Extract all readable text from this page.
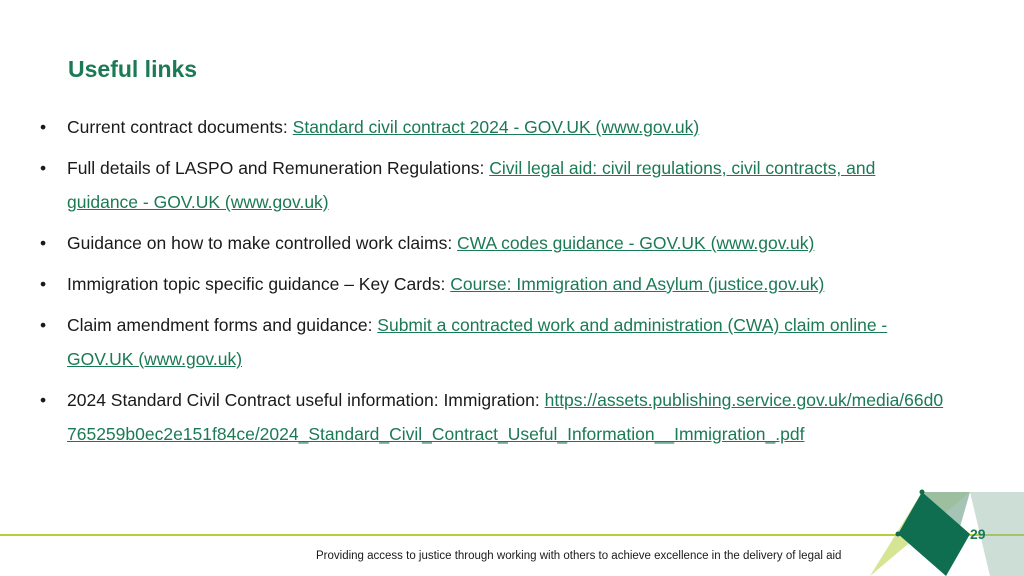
Useful links
•	Current contract documents: Standard civil contract 2024 - GOV.UK (www.gov.uk)
•	Full details of LASPO and Remuneration Regulations: Civil legal aid: civil regulations, civil contracts, and guidance - GOV.UK (www.gov.uk)
•	Guidance on how to make controlled work claims: CWA codes guidance - GOV.UK (www.gov.uk)
•	Immigration topic specific guidance – Key Cards: Course: Immigration and Asylum (justice.gov.uk)
•	Claim amendment forms and guidance: Submit a contracted work and administration (CWA) claim online - GOV.UK (www.gov.uk)
•	2024 Standard Civil Contract useful information: Immigration: https://assets.publishing.service.gov.uk/media/66d0765259b0ec2e151f84ce/2024_Standard_Civil_Contract_Useful_Information__Immigration_.pdf
29
Providing access to justice through working with others to achieve excellence in the delivery of legal aid
